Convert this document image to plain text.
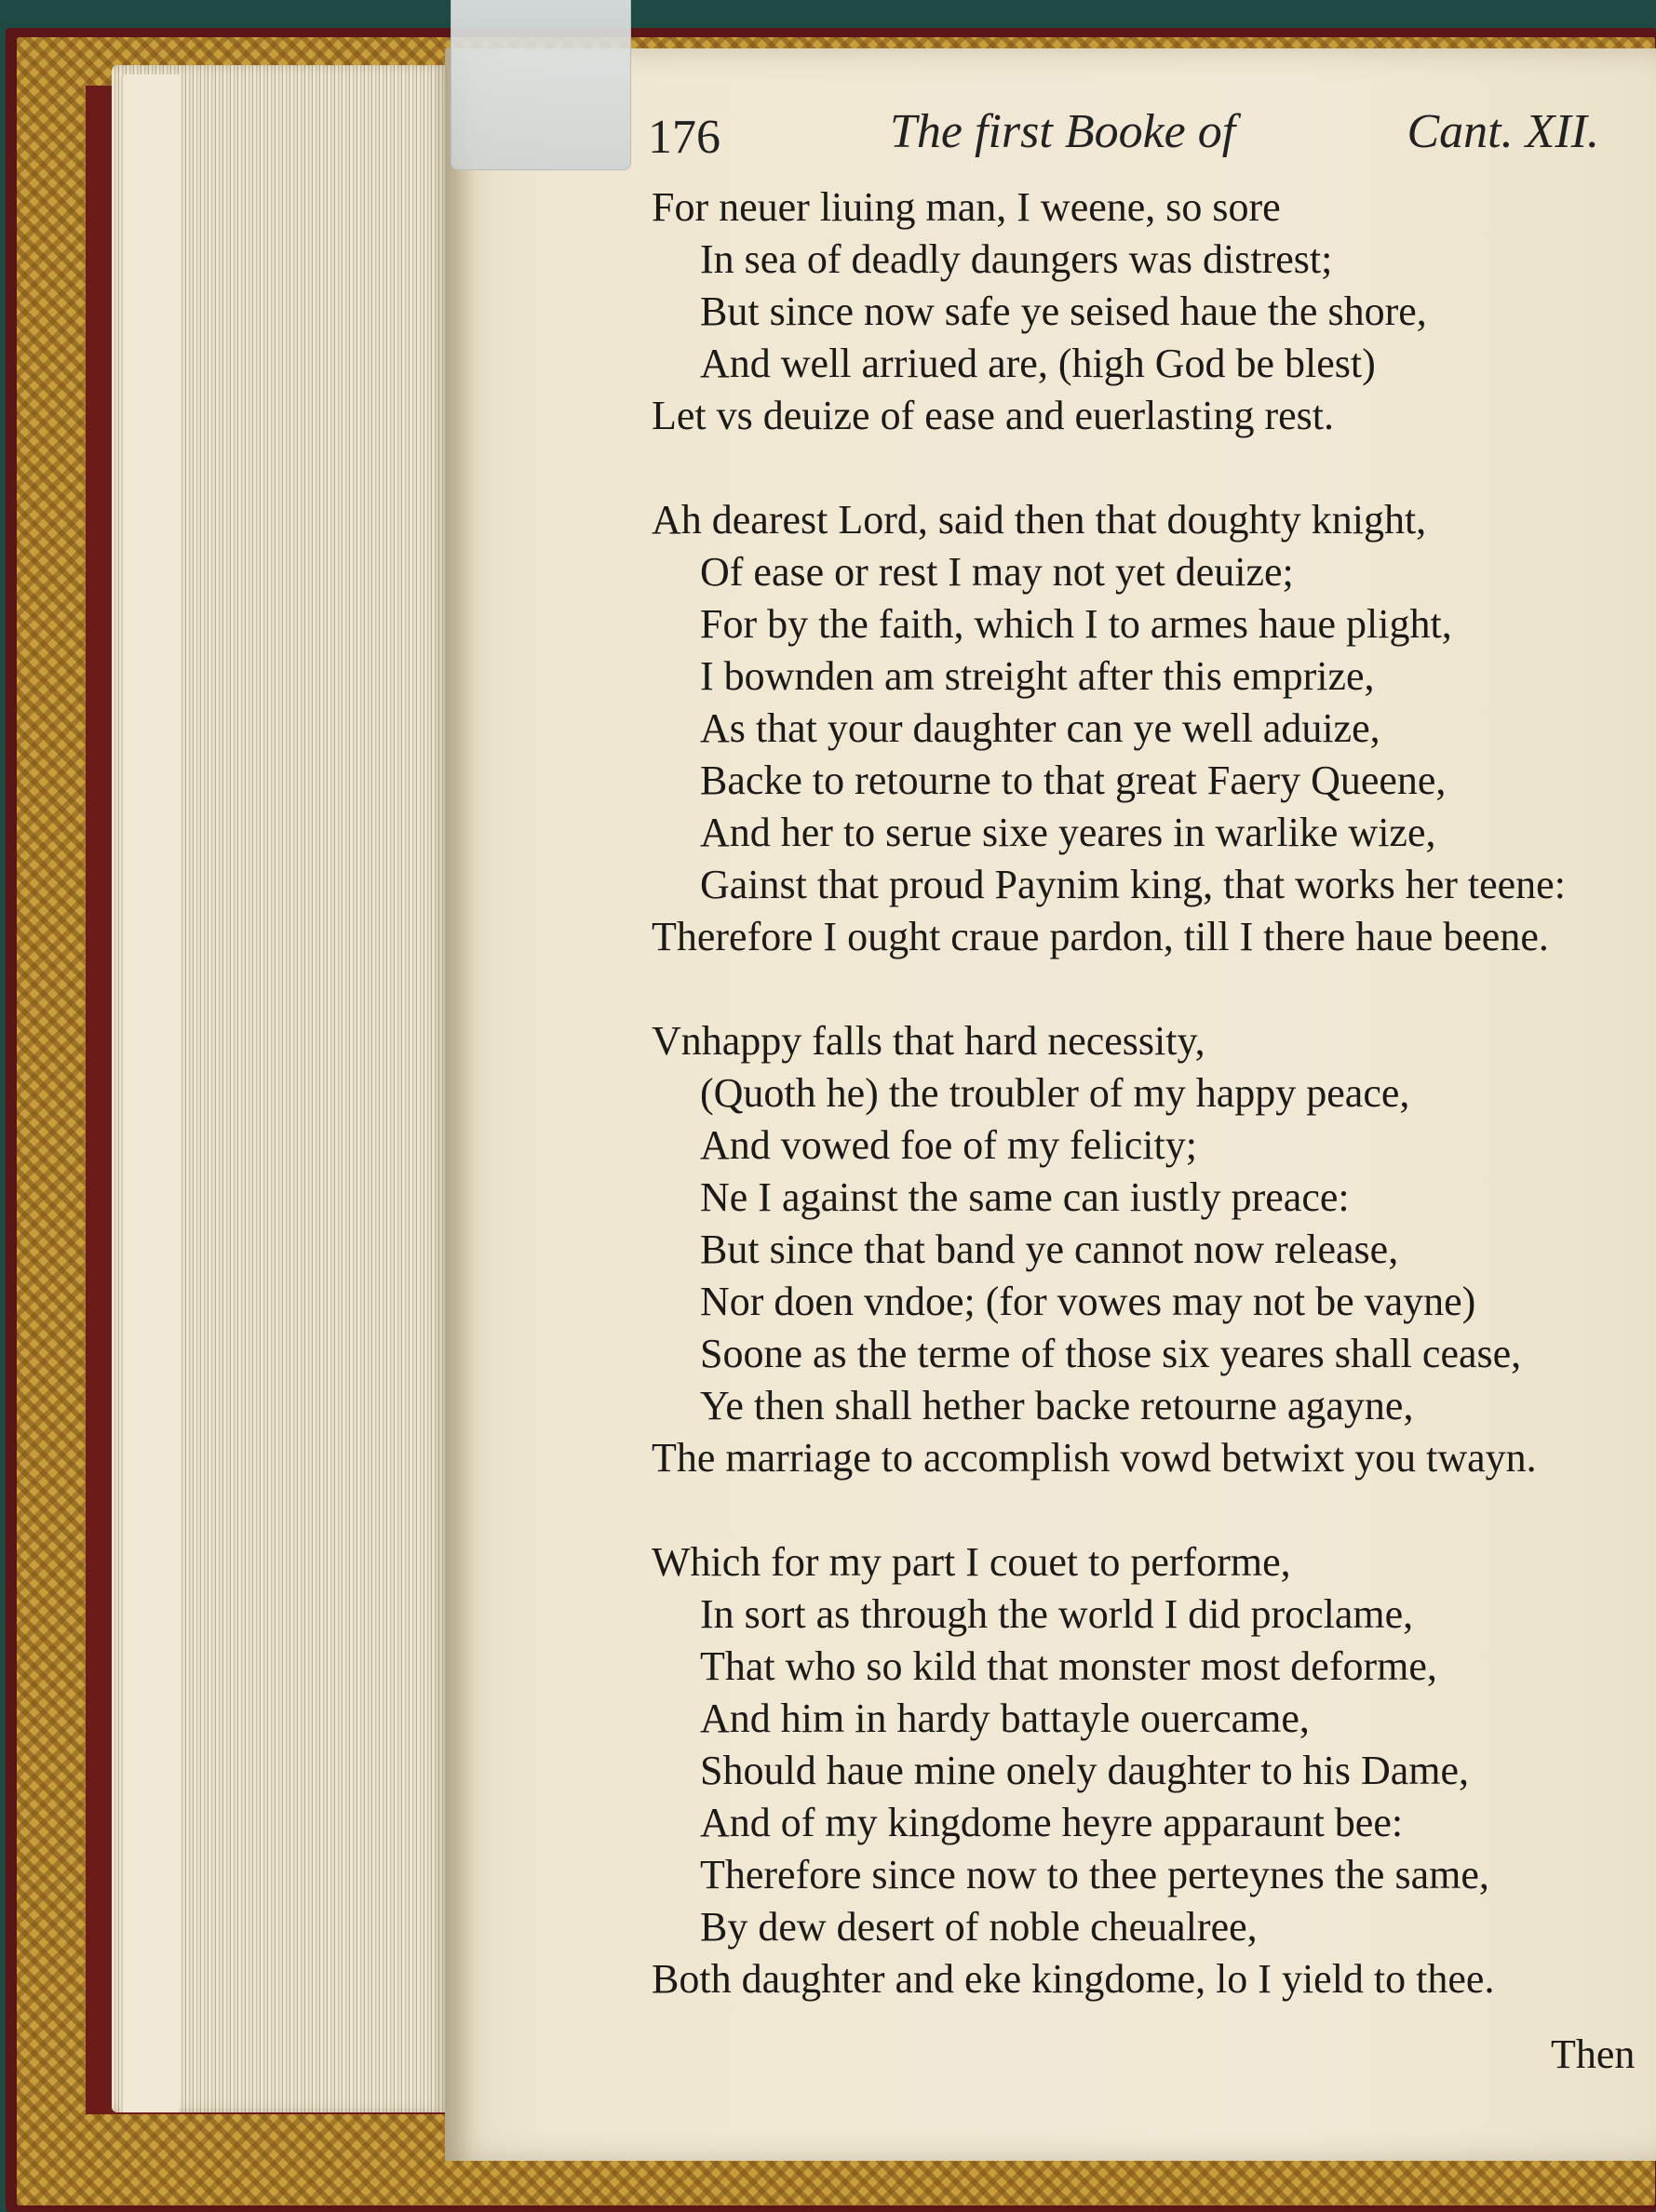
176	The first Booke of	Cant. XII.
For neuer liuing man, I weene, so sore
In sea of deadly daungers was distrest;
But since now safe ye seised haue the shore,
And well arriued are, (high God be blest)
Let vs deuize of ease and euerlasting rest.
Ah dearest Lord, said then that doughty knight,
Of ease or rest I may not yet deuize;
For by the faith, which I to armes haue plight,
I bownden am streight after this emprize,
As that your daughter can ye well aduize,
Backe to retourne to that great Faery Queene,
And her to serue sixe yeares in warlike wize,
Gainst that proud Paynim king, that works her teene:
Therefore I ought craue pardon, till I there haue beene.
Vnhappy falls that hard necessity,
(Quoth he) the troubler of my happy peace,
And vowed foe of my felicity;
Ne I against the same can iustly preace:
But since that band ye cannot now release,
Nor doen vndoe; (for vowes may not be vayne)
Soone as the terme of those six yeares shall cease,
Ye then shall hether backe retourne agayne,
The marriage to accomplish vowd betwixt you twayn.
Which for my part I couet to performe,
In sort as through the world I did proclame,
That who so kild that monster most deforme,
And him in hardy battayle ouercame,
Should haue mine onely daughter to his Dame,
And of my kingdome heyre apparaunt bee:
Therefore since now to thee perteynes the same,
By dew desert of noble cheualree,
Both daughter and eke kingdome, lo I yield to thee.
Then
